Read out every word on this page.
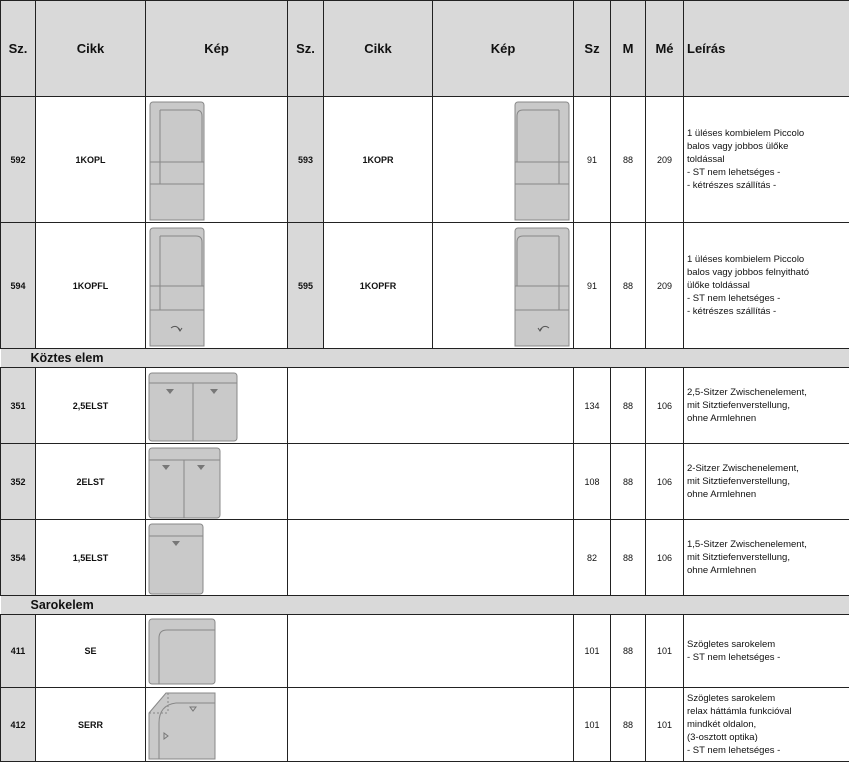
Sz.	Cikk	Kép	Sz.	Cikk	Kép	Sz	M	Mé	Leírás
592	1KOPL		593	1KOPR		91	88	209	1 üléses kombielem Piccolo
balos vagy jobbos ülőke
toldással
- ST nem lehetséges -
- kétrészes szállítás -

594	1KOPFL		595	1KOPFR		91	88	209	1 üléses kombielem Piccolo
balos vagy jobbos felnyitható
ülőke toldással
- ST nem lehetséges -
- kétrészes szállítás -

Köztes elem									
351	2,5ELST					134	88	106	2,5-Sitzer Zwischenelement,
mit Sitztiefenverstellung,
ohne Armlehnen

352	2ELST					108	88	106	2-Sitzer Zwischenelement,
mit Sitztiefenverstellung,
ohne Armlehnen

354	1,5ELST					82	88	106	1,5-Sitzer Zwischenelement,
mit Sitztiefenverstellung,
ohne Armlehnen

Sarokelem									
411	SE					101	88	101	Szögletes sarokelem
- ST nem lehetséges -

412	SERR					101	88	101	Szögletes sarokelem
relax háttámla funkcióval
mindkét oldalon,
(3-osztott optika)
- ST nem lehetséges -
